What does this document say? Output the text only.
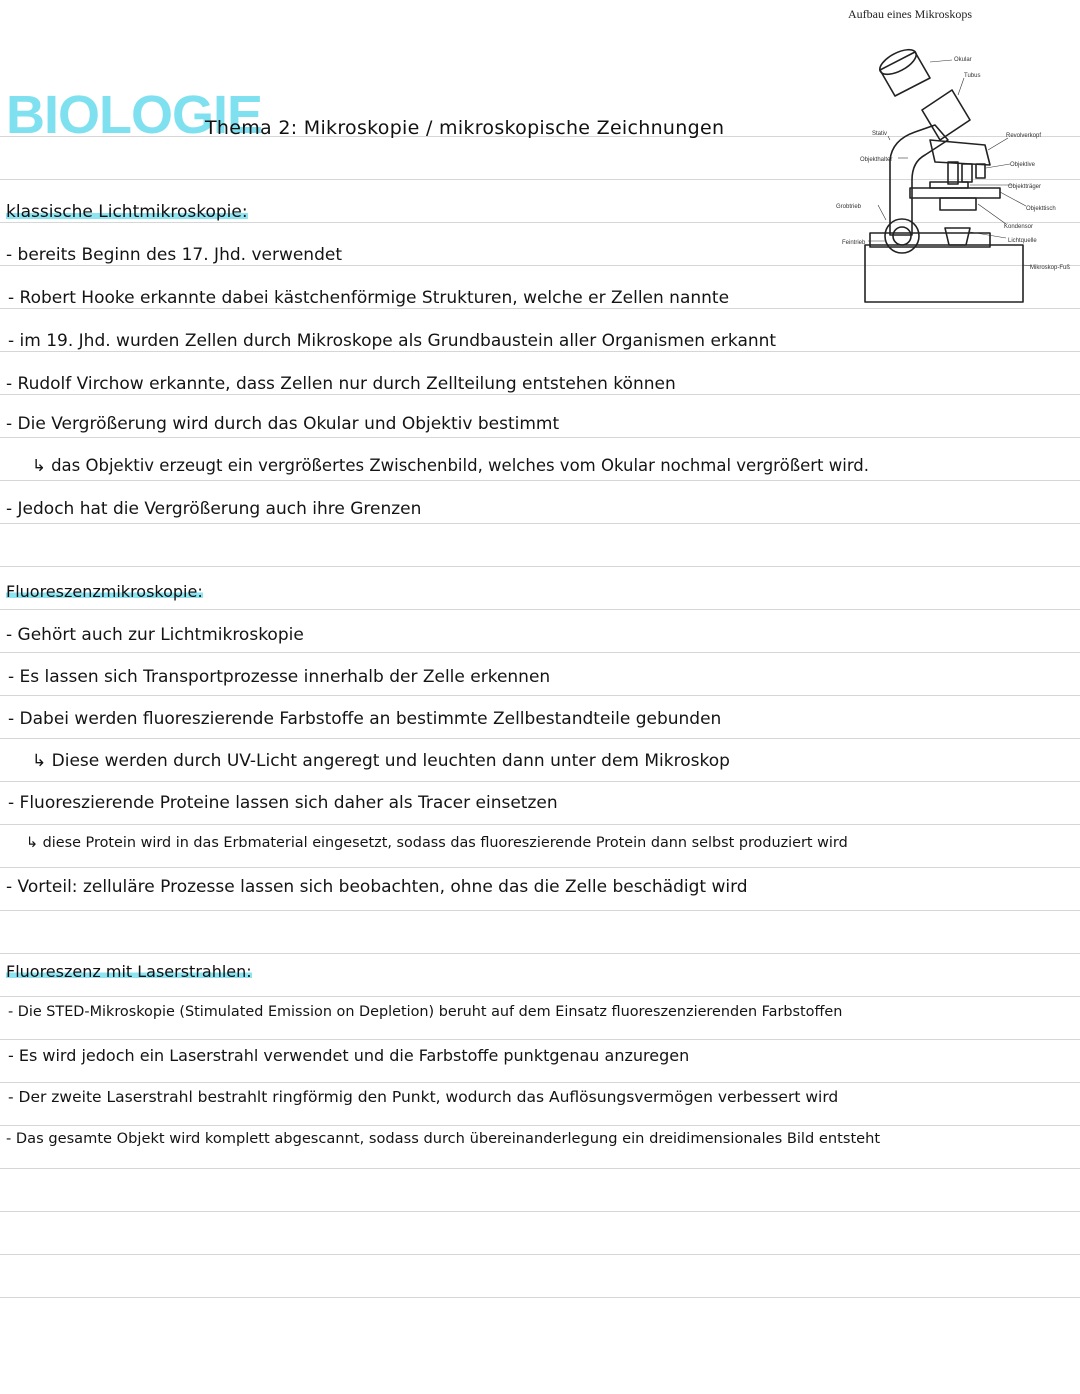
BIOLOGIE
Thema 2: Mikroskopie / mikroskopische Zeichnungen
Aufbau eines Mikroskops
Okular
Tubus
Revolverkopf
Objektive
Objektträger
Objekttisch
Kondensor
Lichtquelle
Mikroskop-Fuß
Stativ
Objekthalter
Grobtrieb
Feintrieb
klassische Lichtmikroskopie:
- bereits Beginn des 17. Jhd. verwendet
- Robert Hooke erkannte dabei kästchenförmige Strukturen, welche er Zellen nannte
- im 19. Jhd. wurden Zellen durch Mikroskope als Grundbaustein aller Organismen erkannt
- Rudolf Virchow erkannte, dass Zellen nur durch Zellteilung entstehen können
- Die Vergrößerung wird durch das Okular und Objektiv bestimmt
↳ das Objektiv erzeugt ein vergrößertes Zwischenbild, welches vom Okular nochmal vergrößert wird.
- Jedoch hat die Vergrößerung auch ihre Grenzen
Fluoreszenzmikroskopie:
- Gehört auch zur Lichtmikroskopie
- Es lassen sich Transportprozesse innerhalb der Zelle erkennen
- Dabei werden fluoreszierende Farbstoffe an bestimmte Zellbestandteile gebunden
↳ Diese werden durch UV-Licht angeregt und leuchten dann unter dem Mikroskop
- Fluoreszierende Proteine lassen sich daher als Tracer einsetzen
↳ diese Protein wird in das Erbmaterial eingesetzt, sodass das fluoreszierende Protein dann selbst produziert wird
- Vorteil: zelluläre Prozesse lassen sich beobachten, ohne das die Zelle beschädigt wird
Fluoreszenz mit Laserstrahlen:
- Die STED-Mikroskopie (Stimulated Emission on Depletion) beruht auf dem Einsatz fluoreszenzierenden Farbstoffen
- Es wird jedoch ein Laserstrahl verwendet und die Farbstoffe punktgenau anzuregen
- Der zweite Laserstrahl bestrahlt ringförmig den Punkt, wodurch das Auflösungsvermögen verbessert wird
- Das gesamte Objekt wird komplett abgescannt, sodass durch übereinanderlegung ein dreidimensionales Bild entsteht
